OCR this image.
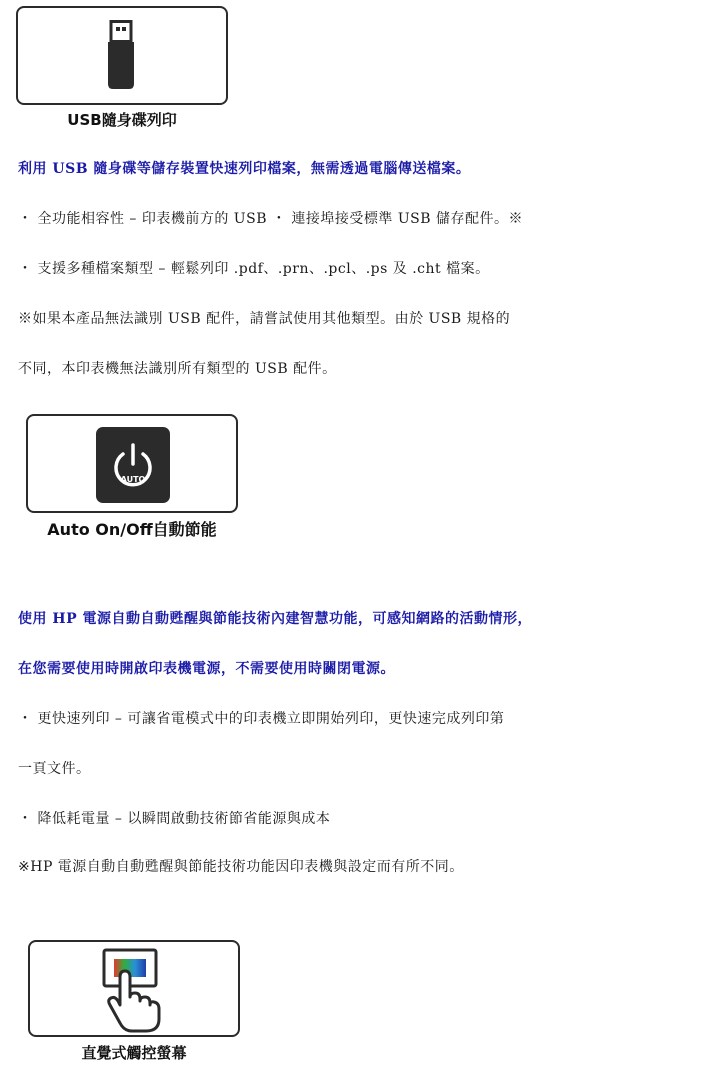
USB隨身碟列印
利用 USB 隨身碟等儲存裝置快速列印檔案，無需透過電腦傳送檔案。
・ 全功能相容性 – 印表機前方的 USB ・ 連接埠接受標準 USB 儲存配件。※
・ 支援多種檔案類型 – 輕鬆列印 .pdf、.prn、.pcl、.ps 及 .cht 檔案。
※如果本產品無法識別 USB 配件，請嘗試使用其他類型。由於 USB 規格的
不同，本印表機無法識別所有類型的 USB 配件。
AUTO
Auto On/Off自動節能
使用 HP 電源自動自動甦醒與節能技術內建智慧功能，可感知網路的活動情形，
在您需要使用時開啟印表機電源，不需要使用時關閉電源。
・ 更快速列印 – 可讓省電模式中的印表機立即開始列印，更快速完成列印第
一頁文件。
・ 降低耗電量 – 以瞬間啟動技術節省能源與成本
※HP 電源自動自動甦醒與節能技術功能因印表機與設定而有所不同。
直覺式觸控螢幕
